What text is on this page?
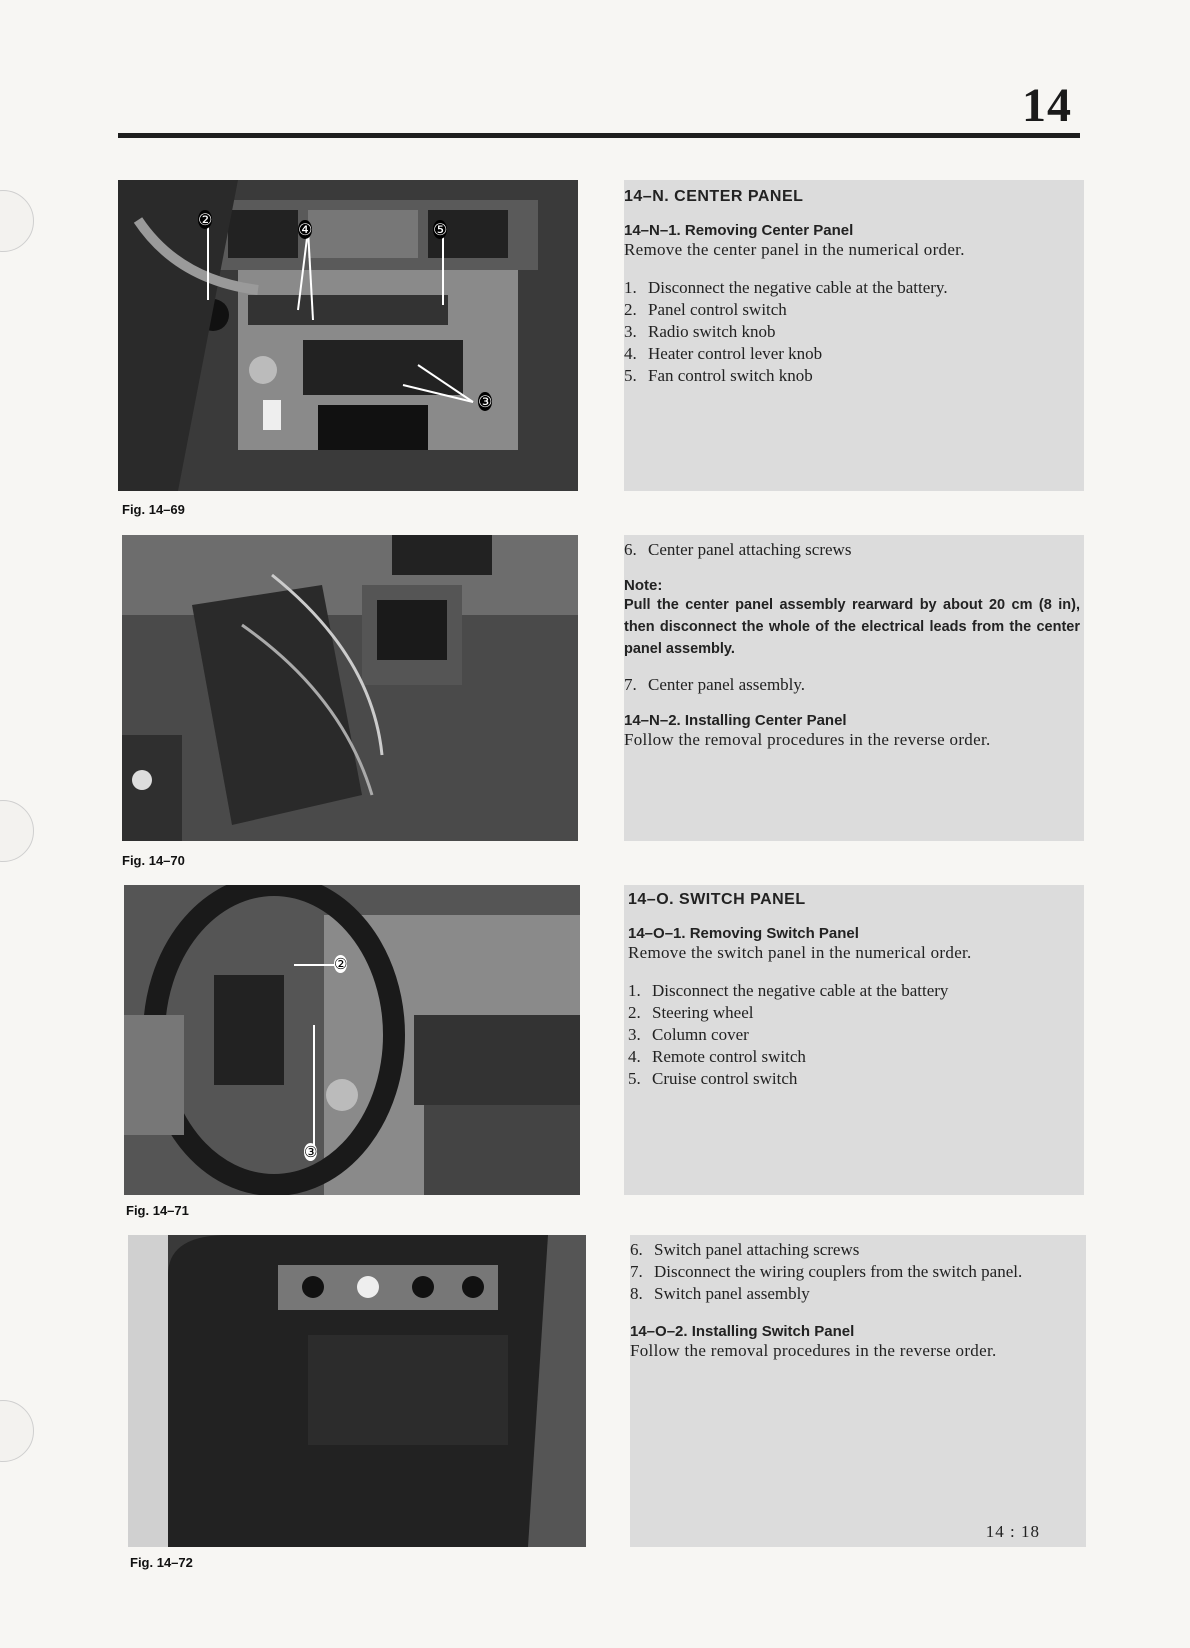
14
②
④	⑤
③
Fig. 14–69

14–N. CENTER PANEL

14–N–1. Removing Center Panel

Remove the center panel in the numerical order.

1. Disconnect the negative cable at the battery.
2. Panel control switch
3. Radio switch knob
4. Heater control lever knob
5. Fan control switch knob
Fig. 14–70
6. Center panel attaching screws

Note:

Pull the center panel assembly rearward by about 20 cm (8 in), then disconnect the whole of the electrical leads from the center panel assembly.

7. Center panel assembly.

14–N–2. Installing Center Panel

Follow the removal procedures in the reverse order.

②
③
Fig. 14–71

14–O. SWITCH PANEL

14–O–1. Removing Switch Panel

Remove the switch panel in the numerical order.

1. Disconnect the negative cable at the battery
2. Steering wheel
3. Column cover
4. Remote control switch
5. Cruise control switch
Fig. 14–72
6. Switch panel attaching screws
7. Disconnect the wiring couplers from the switch panel.
8. Switch panel assembly

14–O–2. Installing Switch Panel

Follow the removal procedures in the reverse order.

14 : 18
